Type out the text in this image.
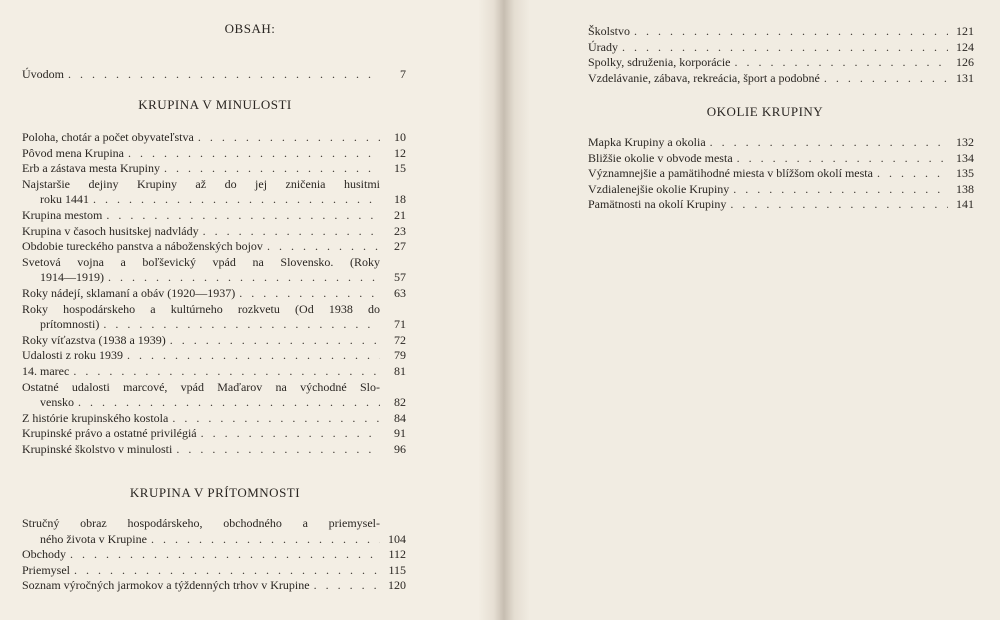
OBSAH:
Úvodom . . .	7
KRUPINA V MINULOSTI
Poloha, chotár a počet obyvateľstva . . .	10
Pôvod mena Krupina . . .	12
Erb a zástava mesta Krupiny . . .	15
Najstaršie dejiny Krupiny až do jej zničenia husitmi
roku 1441 . . .	18
Krupina mestom . . .	21
Krupina v časoch husitskej nadvlády . . .	23
Obdobie tureckého panstva a náboženských bojov . . .	27
Svetová vojna a boľševický vpád na Slovensko. (Roky
1914—1919) . . .	57
Roky nádejí, sklamaní a obáv (1920—1937) . . .	63
Roky hospodárskeho a kultúrneho rozkvetu (Od 1938 do
prítomnosti) . . .	71
Roky víťazstva (1938 a 1939) . . .	72
Udalosti z roku 1939 . . .	79
14. marec . . .	81
Ostatné udalosti marcové, vpád Maďarov na východné Slo-
vensko . . .	82
Z histórie krupinského kostola . . .	84
Krupinské právo a ostatné privilégiá . . .	91
Krupinské školstvo v minulosti . . .	96
KRUPINA V PRÍTOMNOSTI
Stručný obraz hospodárskeho, obchodného a priemysel-
ného života v Krupine . . .	104
Obchody . . .	112
Priemysel . . .	115
Soznam výročných jarmokov a týždenných trhov v Krupine . . .	120
Školstvo . . .	121
Úrady . . .	124
Spolky, sdruženia, korporácie . . .	126
Vzdelávanie, zábava, rekreácia, šport a podobné . . .	131
OKOLIE KRUPINY
Mapka Krupiny a okolia . . .	132
Bližšie okolie v obvode mesta . . .	134
Významnejšie a pamätihodné miesta v blížšom okolí mesta . . .	135
Vzdialenejšie okolie Krupiny . . .	138
Pamätnosti na okolí Krupiny . . .	141
